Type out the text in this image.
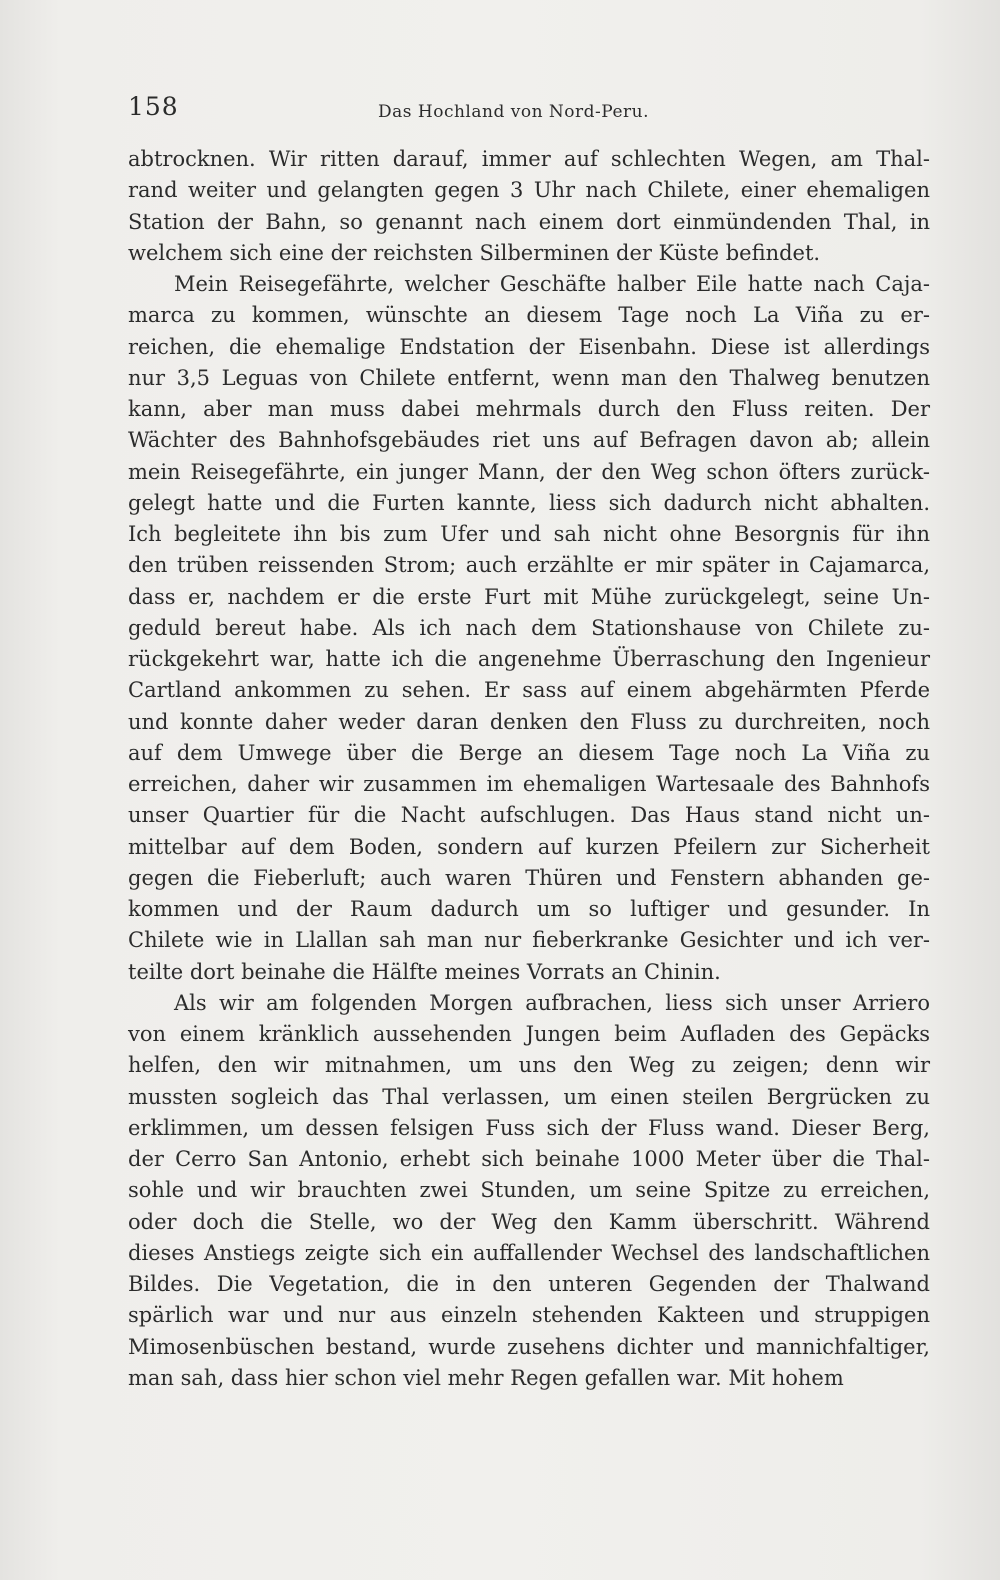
158	Das Hochland von Nord-Peru.
abtrocknen. Wir ritten darauf, immer auf schlechten Wegen, am Thal-
rand weiter und gelangten gegen 3 Uhr nach Chilete, einer ehemaligen
Station der Bahn, so genannt nach einem dort einmündenden Thal, in
welchem sich eine der reichsten Silberminen der Küste befindet.
Mein Reisegefährte, welcher Geschäfte halber Eile hatte nach Caja-
marca zu kommen, wünschte an diesem Tage noch La Viña zu er-
reichen, die ehemalige Endstation der Eisenbahn. Diese ist allerdings
nur 3,5 Leguas von Chilete entfernt, wenn man den Thalweg benutzen
kann, aber man muss dabei mehrmals durch den Fluss reiten. Der
Wächter des Bahnhofsgebäudes riet uns auf Befragen davon ab; allein
mein Reisegefährte, ein junger Mann, der den Weg schon öfters zurück-
gelegt hatte und die Furten kannte, liess sich dadurch nicht abhalten.
Ich begleitete ihn bis zum Ufer und sah nicht ohne Besorgnis für ihn
den trüben reissenden Strom; auch erzählte er mir später in Cajamarca,
dass er, nachdem er die erste Furt mit Mühe zurückgelegt, seine Un-
geduld bereut habe. Als ich nach dem Stationshause von Chilete zu-
rückgekehrt war, hatte ich die angenehme Überraschung den Ingenieur
Cartland ankommen zu sehen. Er sass auf einem abgehärmten Pferde
und konnte daher weder daran denken den Fluss zu durchreiten, noch
auf dem Umwege über die Berge an diesem Tage noch La Viña zu
erreichen, daher wir zusammen im ehemaligen Wartesaale des Bahnhofs
unser Quartier für die Nacht aufschlugen. Das Haus stand nicht un-
mittelbar auf dem Boden, sondern auf kurzen Pfeilern zur Sicherheit
gegen die Fieberluft; auch waren Thüren und Fenstern abhanden ge-
kommen und der Raum dadurch um so luftiger und gesunder. In
Chilete wie in Llallan sah man nur fieberkranke Gesichter und ich ver-
teilte dort beinahe die Hälfte meines Vorrats an Chinin.
Als wir am folgenden Morgen aufbrachen, liess sich unser Arriero
von einem kränklich aussehenden Jungen beim Aufladen des Gepäcks
helfen, den wir mitnahmen, um uns den Weg zu zeigen; denn wir
mussten sogleich das Thal verlassen, um einen steilen Bergrücken zu
erklimmen, um dessen felsigen Fuss sich der Fluss wand. Dieser Berg,
der Cerro San Antonio, erhebt sich beinahe 1000 Meter über die Thal-
sohle und wir brauchten zwei Stunden, um seine Spitze zu erreichen,
oder doch die Stelle, wo der Weg den Kamm überschritt. Während
dieses Anstiegs zeigte sich ein auffallender Wechsel des landschaftlichen
Bildes. Die Vegetation, die in den unteren Gegenden der Thalwand
spärlich war und nur aus einzeln stehenden Kakteen und struppigen
Mimosenbüschen bestand, wurde zusehens dichter und mannichfaltiger,
man sah, dass hier schon viel mehr Regen gefallen war. Mit hohem
